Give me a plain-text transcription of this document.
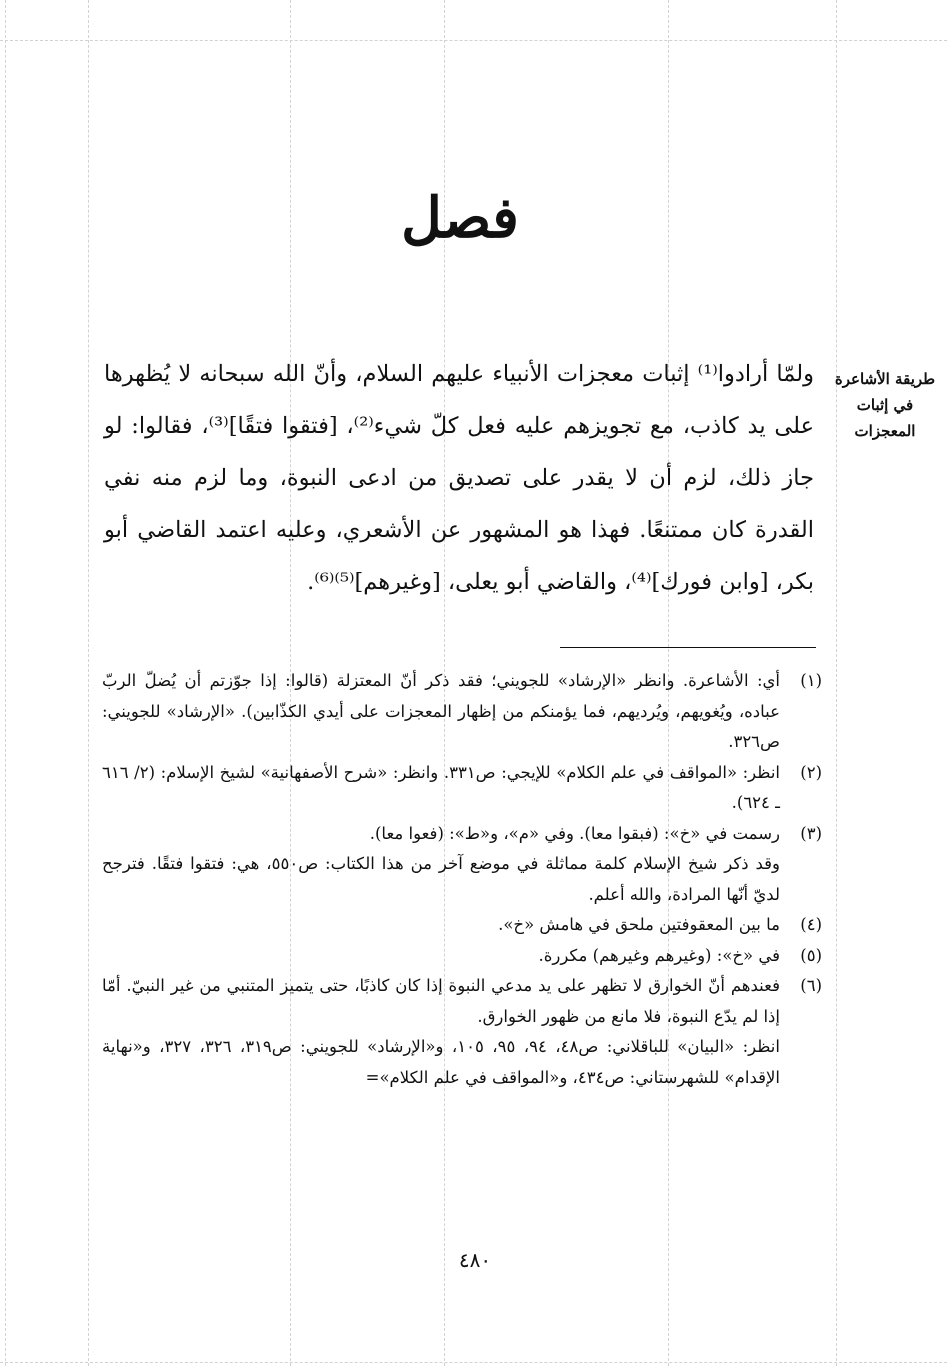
فصل
طريقة الأشاعرة
في إثبات المعجزات

ولمّا أرادوا⁽¹⁾ إثبات معجزات الأنبياء عليهم السلام، وأنّ الله سبحانه لا يُظهرها على يد كاذب، مع تجويزهم عليه فعل كلّ شيء⁽²⁾، [فتقوا فتقًا]⁽³⁾، فقالوا: لو جاز ذلك، لزم أن لا يقدر على تصديق من ادعى النبوة، وما لزم منه نفي القدرة كان ممتنعًا. فهذا هو المشهور عن الأشعري، وعليه اعتمد القاضي أبو بكر، [وابن فورك]⁽⁴⁾، والقاضي أبو يعلى، [وغيرهم]⁽⁵⁾⁽⁶⁾.

(١)

أي: الأشاعرة. وانظر «الإرشاد» للجويني؛ فقد ذكر أنّ المعتزلة (قالوا: إذا جوّزتم أن يُضلّ الربّ عباده، ويُغويهم، ويُرديهم، فما يؤمنكم من إظهار المعجزات على أيدي الكذّابين). «الإرشاد» للجويني: ص٣٢٦.

(٢)

انظر: «المواقف في علم الكلام» للإيجي: ص٣٣١. وانظر: «شرح الأصفهانية» لشيخ الإسلام: (٢/ ٦١٦ ـ ٦٢٤).

(٣)

رسمت في «خ»: (فبقوا معا). وفي «م»، و«ط»: (فعوا معا).

وقد ذكر شيخ الإسلام كلمة مماثلة في موضع آخر من هذا الكتاب: ص٥٥٠، هي: فتقوا فتقًا. فترجح لديّ أنّها المرادة، والله أعلم.

(٤)

ما بين المعقوفتين ملحق في هامش «خ».

(٥)

في «خ»: (وغيرهم وغيرهم) مكررة.

(٦)

فعندهم أنّ الخوارق لا تظهر على يد مدعي النبوة إذا كان كاذبًا، حتى يتميز المتنبي من غير النبيّ. أمّا إذا لم يدّع النبوة، فلا مانع من ظهور الخوارق.

انظر: «البيان» للباقلاني: ص٤٨، ٩٤، ٩٥، ١٠٥، و«الإرشاد» للجويني: ص٣١٩، ٣٢٦، ٣٢٧، و«نهاية الإقدام» للشهرستاني: ص٤٣٤، و«المواقف في علم الكلام»=

٤٨٠
